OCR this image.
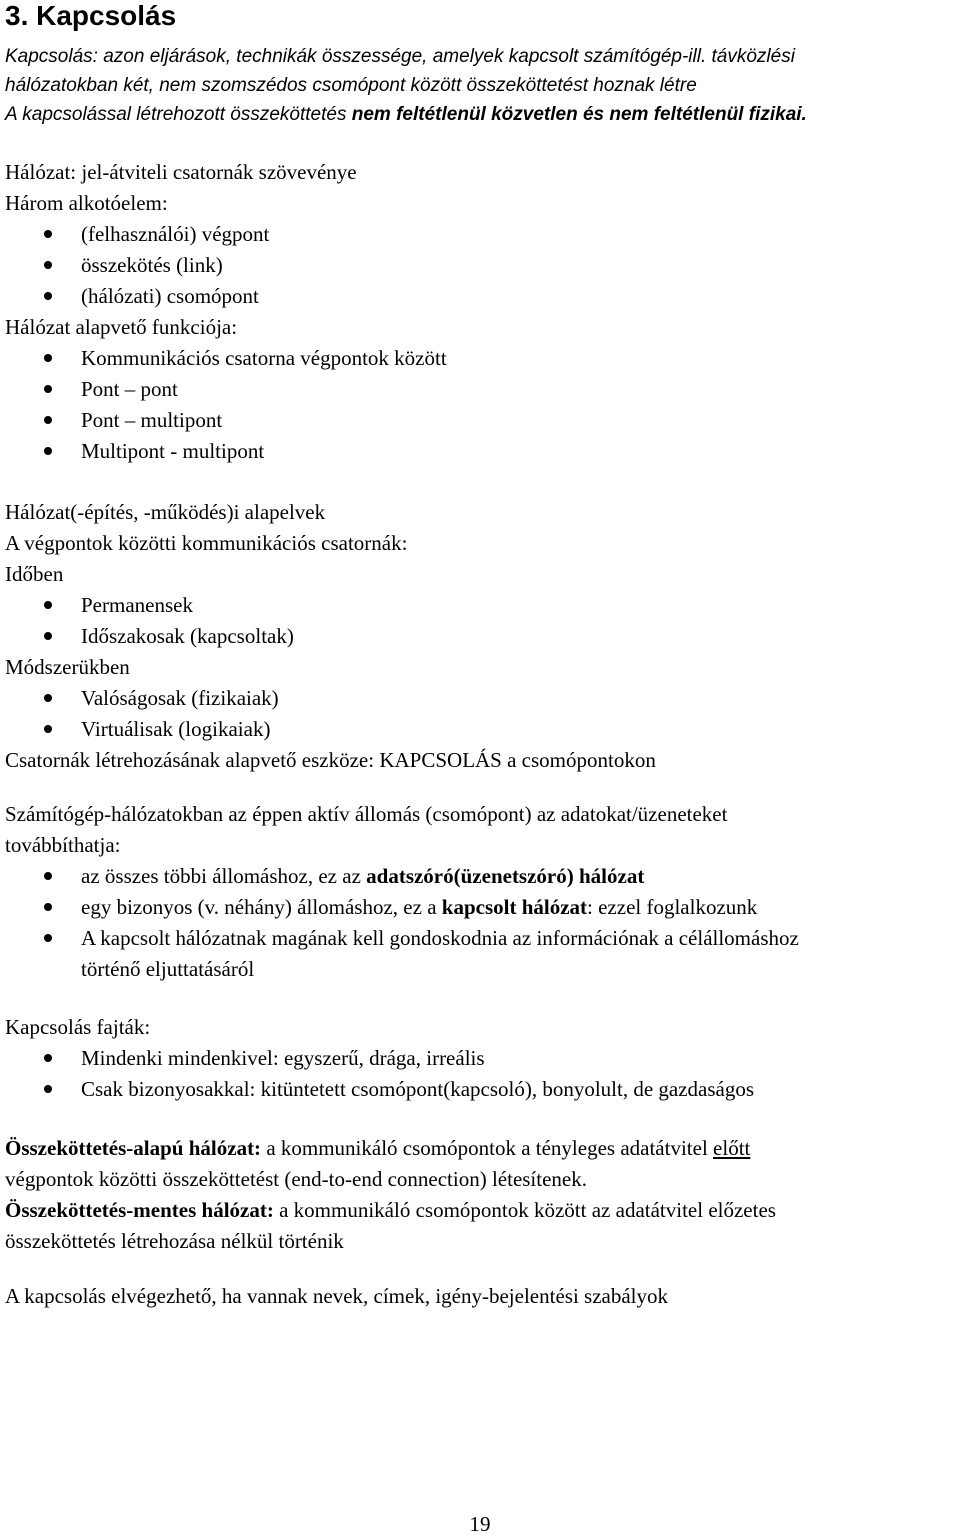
3. Kapcsolás
Kapcsolás: azon eljárások, technikák összessége, amelyek kapcsolt számítógép-ill. távközlési
hálózatokban két, nem szomszédos csomópont között összeköttetést hoznak létre
A kapcsolással létrehozott összeköttetés nem feltétlenül közvetlen és nem feltétlenül fizikai.
Hálózat: jel-átviteli csatornák szövevénye
Három alkotóelem:
(felhasználói) végpont
összekötés (link)
(hálózati) csomópont
Hálózat alapvető funkciója:
Kommunikációs csatorna végpontok között
Pont – pont
Pont – multipont
Multipont - multipont
Hálózat(-építés, -működés)i alapelvek
A végpontok közötti kommunikációs csatornák:
Időben
Permanensek
Időszakosak (kapcsoltak)
Módszerükben
Valóságosak (fizikaiak)
Virtuálisak (logikaiak)
Csatornák létrehozásának alapvető eszköze: KAPCSOLÁS a csomópontokon
Számítógép-hálózatokban az éppen aktív állomás (csomópont) az adatokat/üzeneteket
továbbíthatja:
az összes többi állomáshoz, ez az adatszóró(üzenetszóró) hálózat
egy bizonyos (v. néhány) állomáshoz, ez a kapcsolt hálózat: ezzel foglalkozunk
A kapcsolt hálózatnak magának kell gondoskodnia az információnak a célállomáshoz
történő eljuttatásáról
Kapcsolás fajták:
Mindenki mindenkivel: egyszerű, drága, irreális
Csak bizonyosakkal: kitüntetett csomópont(kapcsoló), bonyolult, de gazdaságos
Összeköttetés-alapú hálózat: a kommunikáló csomópontok a tényleges adatátvitel előtt
végpontok közötti összeköttetést (end-to-end connection) létesítenek.
Összeköttetés-mentes hálózat: a kommunikáló csomópontok között az adatátvitel előzetes
összeköttetés létrehozása nélkül történik
A kapcsolás elvégezhető, ha vannak nevek, címek, igény-bejelentési szabályok
19
